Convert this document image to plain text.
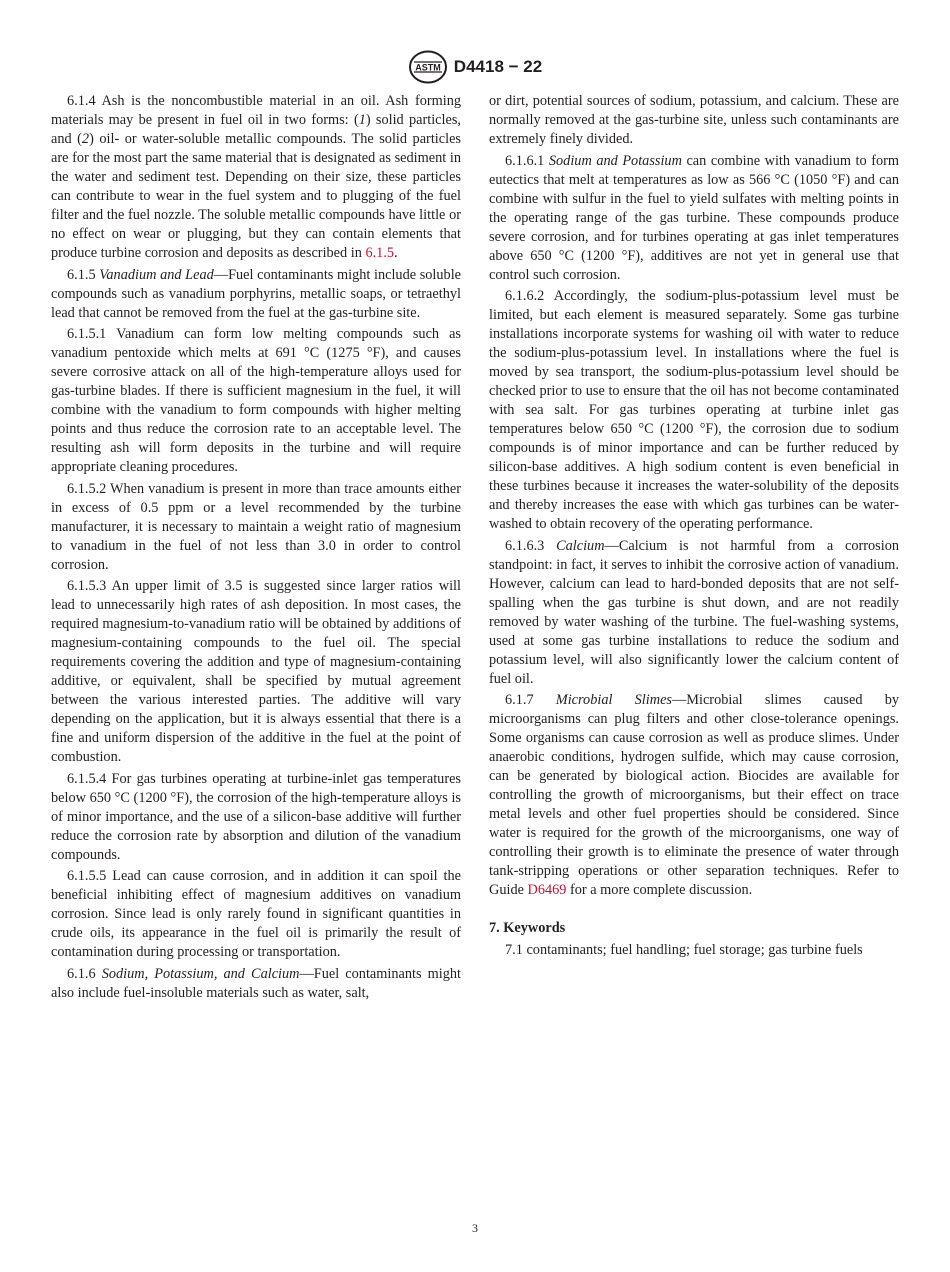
ASTM D4418 − 22

6.1.4 Ash is the noncombustible material in an oil. Ash forming materials may be present in fuel oil in two forms: (1) solid particles, and (2) oil- or water-soluble metallic compounds. The solid particles are for the most part the same material that is designated as sediment in the water and sediment test. Depending on their size, these particles can contribute to wear in the fuel system and to plugging of the fuel filter and the fuel nozzle. The soluble metallic compounds have little or no effect on wear or plugging, but they can contain elements that produce turbine corrosion and deposits as described in 6.1.5.

6.1.5 Vanadium and Lead—Fuel contaminants might include soluble compounds such as vanadium porphyrins, metallic soaps, or tetraethyl lead that cannot be removed from the fuel at the gas-turbine site.

6.1.5.1 Vanadium can form low melting compounds such as vanadium pentoxide which melts at 691 °C (1275 °F), and causes severe corrosive attack on all of the high-temperature alloys used for gas-turbine blades. If there is sufficient magnesium in the fuel, it will combine with the vanadium to form compounds with higher melting points and thus reduce the corrosion rate to an acceptable level. The resulting ash will form deposits in the turbine and will require appropriate cleaning procedures.

6.1.5.2 When vanadium is present in more than trace amounts either in excess of 0.5 ppm or a level recommended by the turbine manufacturer, it is necessary to maintain a weight ratio of magnesium to vanadium in the fuel of not less than 3.0 in order to control corrosion.

6.1.5.3 An upper limit of 3.5 is suggested since larger ratios will lead to unnecessarily high rates of ash deposition. In most cases, the required magnesium-to-vanadium ratio will be obtained by additions of magnesium-containing compounds to the fuel oil. The special requirements covering the addition and type of magnesium-containing additive, or equivalent, shall be specified by mutual agreement between the various interested parties. The additive will vary depending on the application, but it is always essential that there is a fine and uniform dispersion of the additive in the fuel at the point of combustion.

6.1.5.4 For gas turbines operating at turbine-inlet gas temperatures below 650 °C (1200 °F), the corrosion of the high-temperature alloys is of minor importance, and the use of a silicon-base additive will further reduce the corrosion rate by absorption and dilution of the vanadium compounds.

6.1.5.5 Lead can cause corrosion, and in addition it can spoil the beneficial inhibiting effect of magnesium additives on vanadium corrosion. Since lead is only rarely found in significant quantities in crude oils, its appearance in the fuel oil is primarily the result of contamination during processing or transportation.

6.1.6 Sodium, Potassium, and Calcium—Fuel contaminants might also include fuel-insoluble materials such as water, salt,

or dirt, potential sources of sodium, potassium, and calcium. These are normally removed at the gas-turbine site, unless such contaminants are extremely finely divided.

6.1.6.1 Sodium and Potassium can combine with vanadium to form eutectics that melt at temperatures as low as 566 °C (1050 °F) and can combine with sulfur in the fuel to yield sulfates with melting points in the operating range of the gas turbine. These compounds produce severe corrosion, and for turbines operating at gas inlet temperatures above 650 °C (1200 °F), additives are not yet in general use that control such corrosion.

6.1.6.2 Accordingly, the sodium-plus-potassium level must be limited, but each element is measured separately. Some gas turbine installations incorporate systems for washing oil with water to reduce the sodium-plus-potassium level. In installations where the fuel is moved by sea transport, the sodium-plus-potassium level should be checked prior to use to ensure that the oil has not become contaminated with sea salt. For gas turbines operating at turbine inlet gas temperatures below 650 °C (1200 °F), the corrosion due to sodium compounds is of minor importance and can be further reduced by silicon-base additives. A high sodium content is even beneficial in these turbines because it increases the water-solubility of the deposits and thereby increases the ease with which gas turbines can be water-washed to obtain recovery of the operating performance.

6.1.6.3 Calcium—Calcium is not harmful from a corrosion standpoint: in fact, it serves to inhibit the corrosive action of vanadium. However, calcium can lead to hard-bonded deposits that are not self-spalling when the gas turbine is shut down, and are not readily removed by water washing of the turbine. The fuel-washing systems, used at some gas turbine installations to reduce the sodium and potassium level, will also significantly lower the calcium content of fuel oil.

6.1.7 Microbial Slimes—Microbial slimes caused by microorganisms can plug filters and other close-tolerance openings. Some organisms can cause corrosion as well as produce slimes. Under anaerobic conditions, hydrogen sulfide, which may cause corrosion, can be generated by biological action. Biocides are available for controlling the growth of microorganisms, but their effect on trace metal levels and other fuel properties should be considered. Since water is required for the growth of the microorganisms, one way of controlling their growth is to eliminate the presence of water through tank-stripping operations or other separation techniques. Refer to Guide D6469 for a more complete discussion.

7. Keywords

7.1 contaminants; fuel handling; fuel storage; gas turbine fuels

3
